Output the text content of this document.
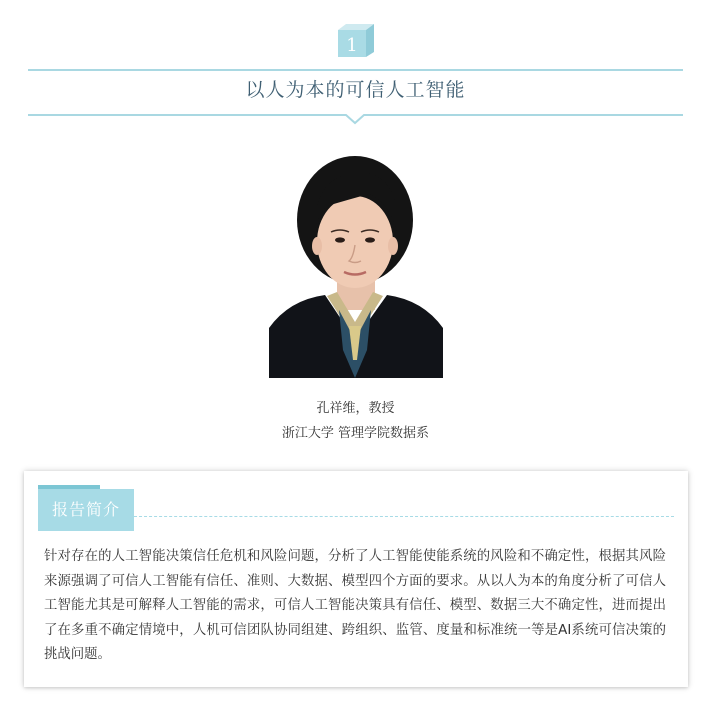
1
以人为本的可信人工智能
孔祥维，教授
浙江大学 管理学院数据系
报告简介
针对存在的人工智能决策信任危机和风险问题，分析了人工智能使能系统的风险和不确定性，根据其风险来源强调了可信人工智能有信任、准则、大数据、模型四个方面的要求。从以人为本的角度分析了可信人工智能尤其是可解释人工智能的需求，可信人工智能决策具有信任、模型、数据三大不确定性，进而提出了在多重不确定情境中，人机可信团队协同组建、跨组织、监管、度量和标准统一等是AI系统可信决策的挑战问题。
